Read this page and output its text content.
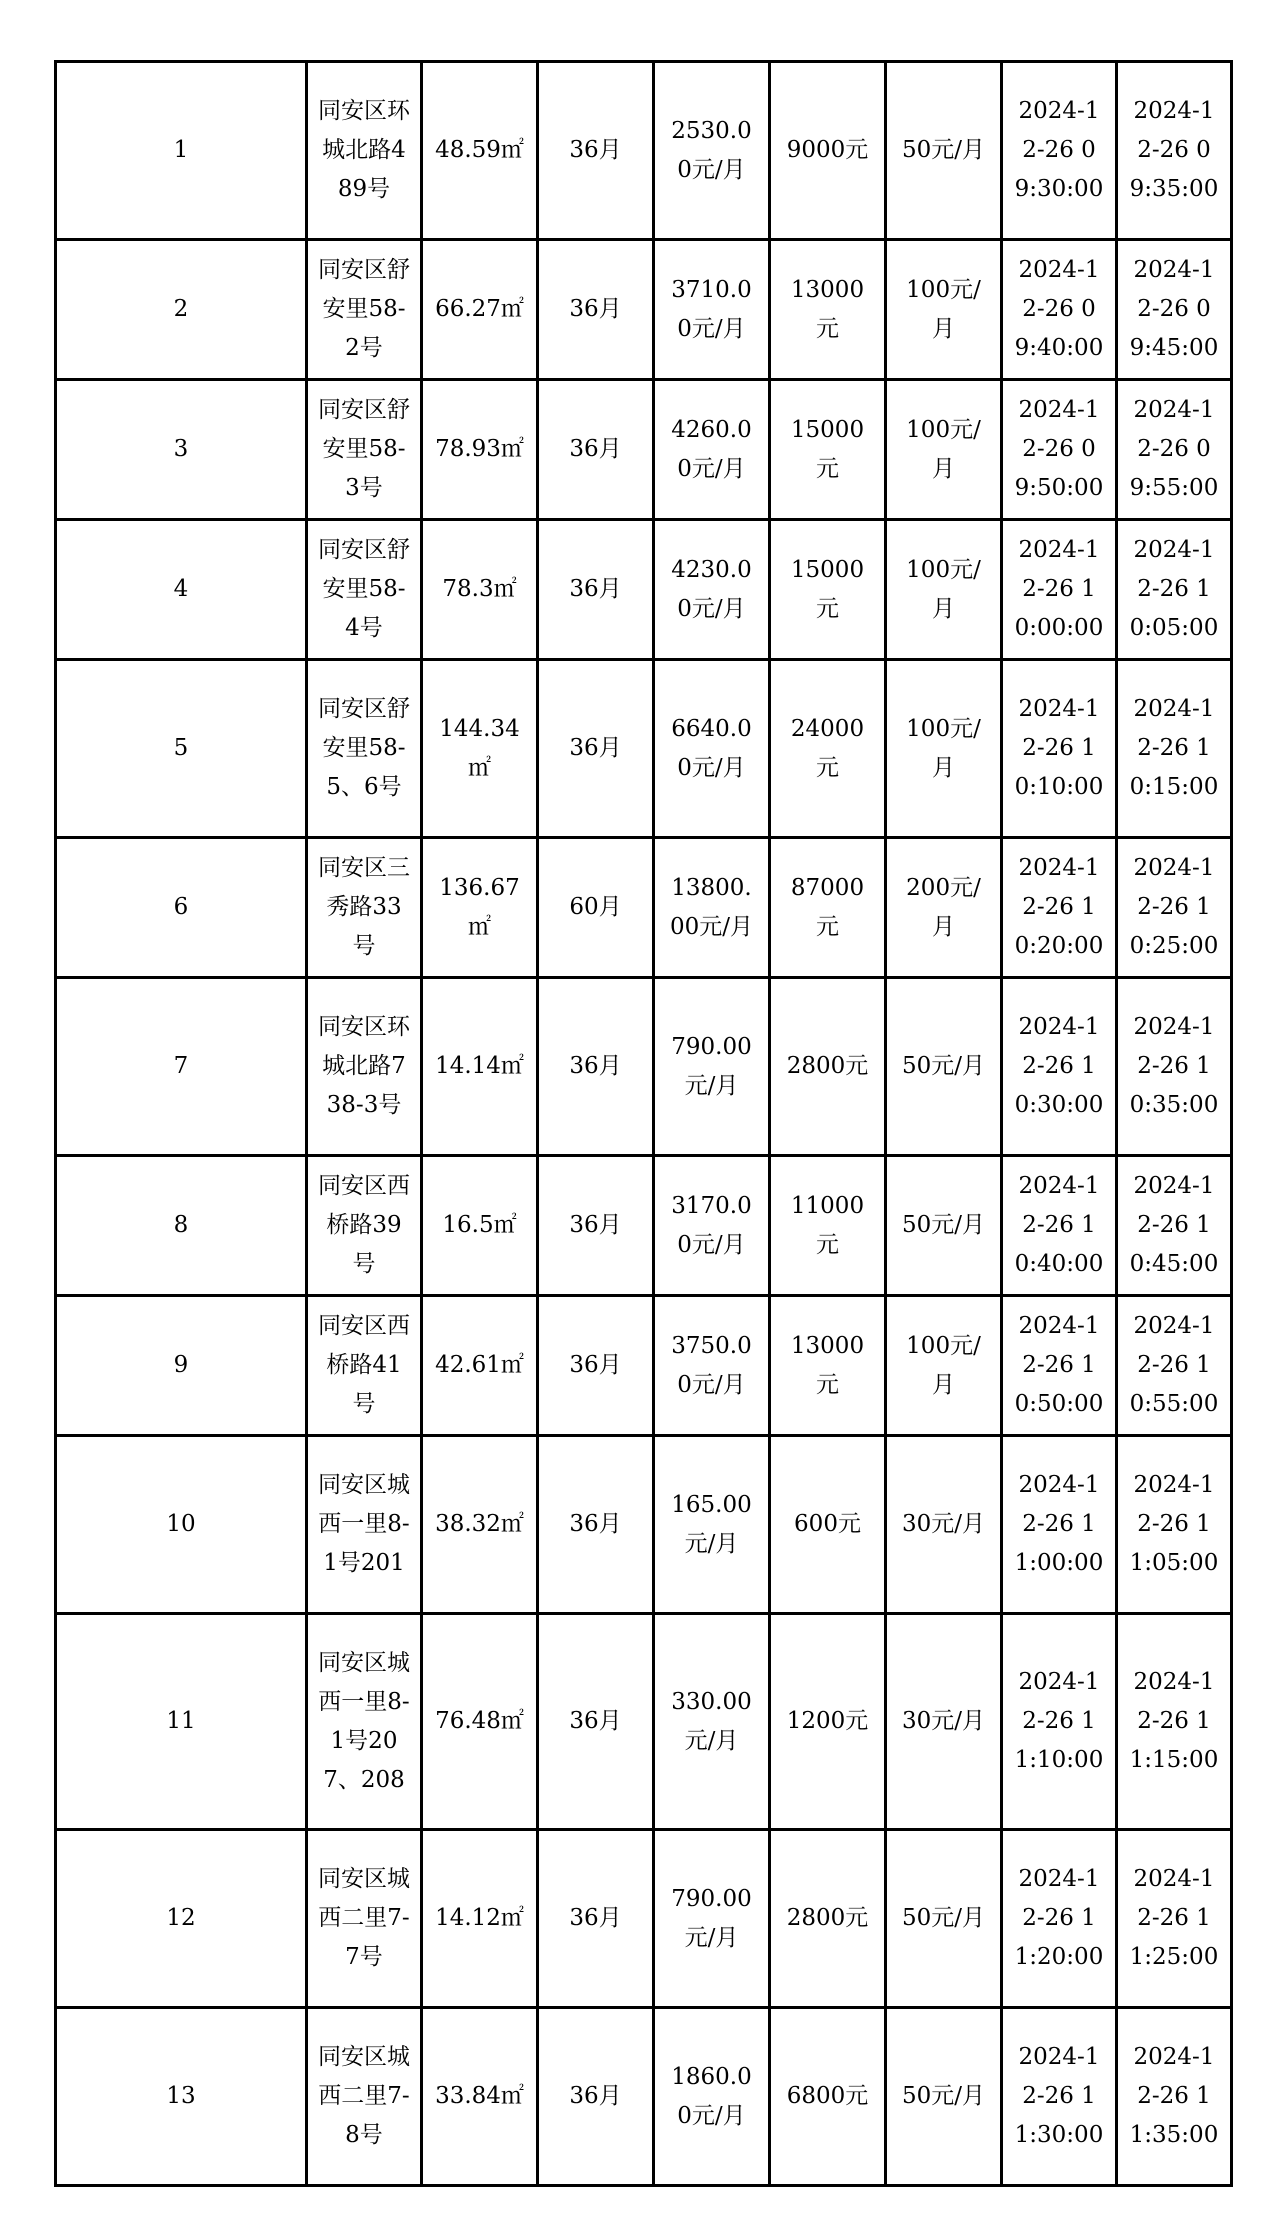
1	同安区环城北路489号	48.59㎡	36月	2530.00元/月	9000元	50元/月	2024-12-26 09:30:00	2024-12-26 09:35:00
2	同安区舒安里58-2号	66.27㎡	36月	3710.00元/月	13000元	100元/月	2024-12-26 09:40:00	2024-12-26 09:45:00
3	同安区舒安里58-3号	78.93㎡	36月	4260.00元/月	15000元	100元/月	2024-12-26 09:50:00	2024-12-26 09:55:00
4	同安区舒安里58-4号	78.3㎡	36月	4230.00元/月	15000元	100元/月	2024-12-26 10:00:00	2024-12-26 10:05:00
5	同安区舒安里58-5、6号	144.34㎡	36月	6640.00元/月	24000元	100元/月	2024-12-26 10:10:00	2024-12-26 10:15:00
6	同安区三秀路33号	136.67㎡	60月	13800.00元/月	87000元	200元/月	2024-12-26 10:20:00	2024-12-26 10:25:00
7	同安区环城北路738-3号	14.14㎡	36月	790.00元/月	2800元	50元/月	2024-12-26 10:30:00	2024-12-26 10:35:00
8	同安区西桥路39号	16.5㎡	36月	3170.00元/月	11000元	50元/月	2024-12-26 10:40:00	2024-12-26 10:45:00
9	同安区西桥路41号	42.61㎡	36月	3750.00元/月	13000元	100元/月	2024-12-26 10:50:00	2024-12-26 10:55:00
10	同安区城西一里8-1号201	38.32㎡	36月	165.00元/月	600元	30元/月	2024-12-26 11:00:00	2024-12-26 11:05:00
11	同安区城西一里8-1号207、208	76.48㎡	36月	330.00元/月	1200元	30元/月	2024-12-26 11:10:00	2024-12-26 11:15:00
12	同安区城西二里7-7号	14.12㎡	36月	790.00元/月	2800元	50元/月	2024-12-26 11:20:00	2024-12-26 11:25:00
13	同安区城西二里7-8号	33.84㎡	36月	1860.00元/月	6800元	50元/月	2024-12-26 11:30:00	2024-12-26 11:35:00
